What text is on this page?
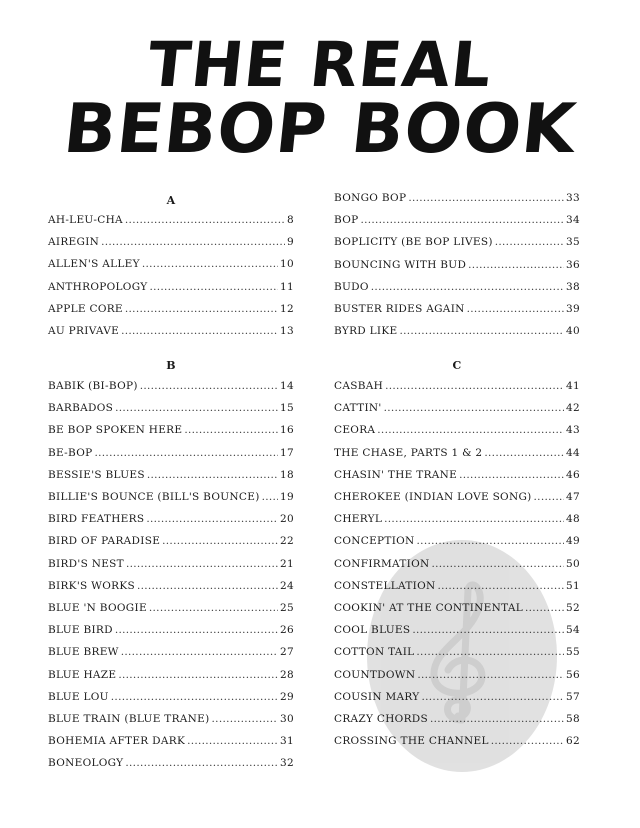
THE REAL
BEBOP BOOK
A
AH-LEU-CHA .....	8
AIREGIN .....	9
ALLEN'S ALLEY .....	10
ANTHROPOLOGY .....	11
APPLE CORE .....	12
AU PRIVAVE .....	13
B
BABIK (BI-BOP) .....	14
BARBADOS .....	15
BE BOP SPOKEN HERE .....	16
BE-BOP .....	17
BESSIE'S BLUES .....	18
BILLIE'S BOUNCE (BILL'S BOUNCE) ..... 19
BIRD FEATHERS .....	20
BIRD OF PARADISE .....	22
BIRD'S NEST .....	21
BIRK'S WORKS .....	24
BLUE 'N BOOGIE .....	25
BLUE BIRD .....	26
BLUE BREW .....	27
BLUE HAZE .....	28
BLUE LOU .....	29
BLUE TRAIN (BLUE TRANE) .....	30
BOHEMIA AFTER DARK .....	31
BONEOLOGY .....	32
BONGO BOP .....	33
BOP .....	34
BOPLICITY (BE BOP LIVES) .....	35
BOUNCING WITH BUD .....	36
BUDO .....	38
BUSTER RIDES AGAIN .....	39
BYRD LIKE .....	40
C
CASBAH .....	41
CATTIN' .....	42
CEORA .....	43
THE CHASE, PARTS 1 & 2 .....	44
CHASIN' THE TRANE .....	46
CHEROKEE (INDIAN LOVE SONG) .....	47
CHERYL .....	48
CONCEPTION .....	49
CONFIRMATION .....	50
CONSTELLATION .....	51
COOKIN' AT THE CONTINENTAL .....	52
COOL BLUES .....	54
COTTON TAIL .....	55
COUNTDOWN .....	56
COUSIN MARY .....	57
CRAZY CHORDS .....	58
CROSSING THE CHANNEL .....	62
